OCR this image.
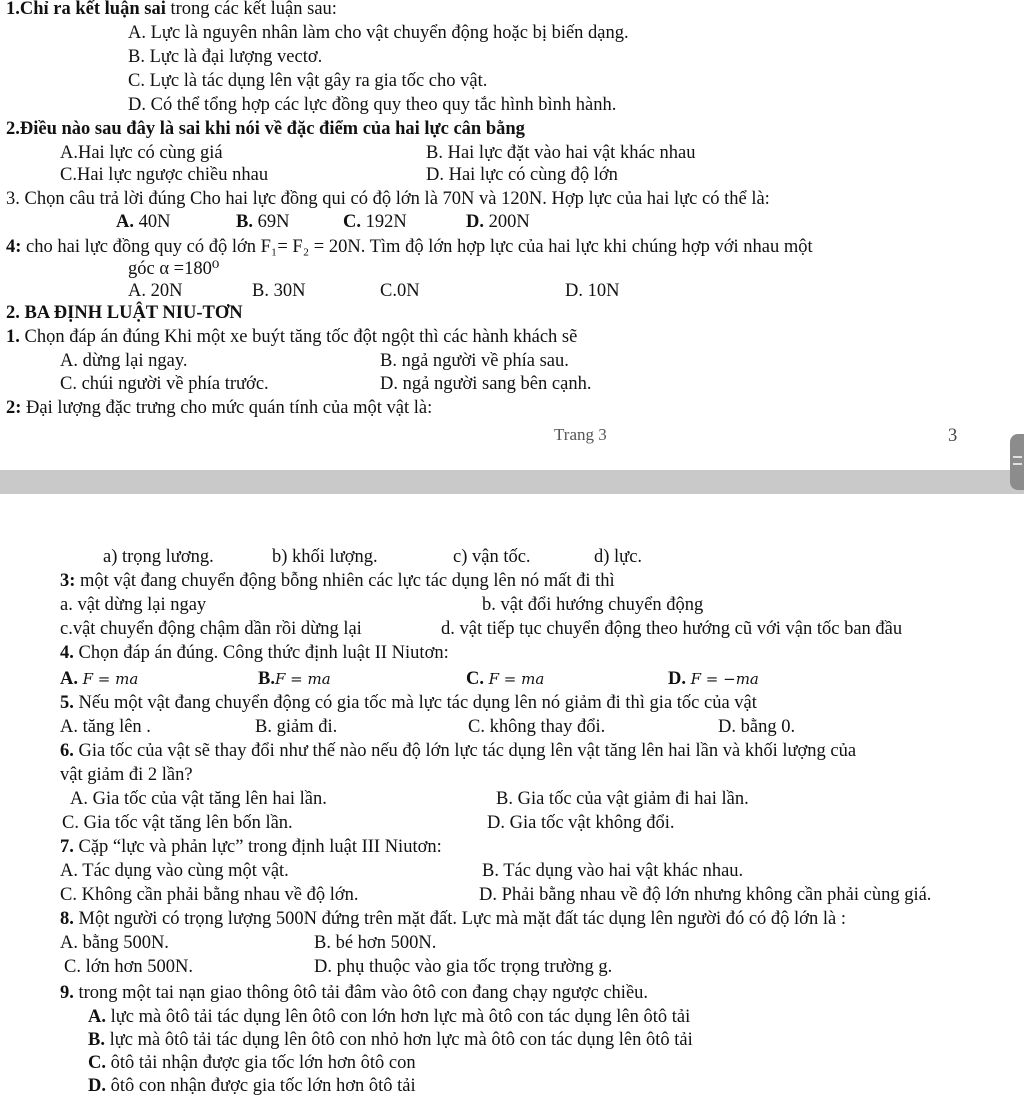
1.Chỉ ra kết luận sai trong các kết luận sau:
A. Lực là nguyên nhân làm cho vật chuyển động hoặc bị biến dạng.
B. Lực là đại lượng vectơ.
C. Lực là tác dụng lên vật gây ra gia tốc cho vật.
D. Có thể tổng hợp các lực đồng quy theo quy tắc hình bình hành.
2.Điều nào sau đây là sai khi nói về đặc điểm của hai lực cân bằng
A.Hai lực có cùng giá	B. Hai lực đặt vào hai vật khác nhau
C.Hai lực ngược chiều nhau	D. Hai lực có cùng độ lớn
3. Chọn câu trả lời đúng Cho hai lực đồng qui có độ lớn là 70N và 120N. Hợp lực của hai lực có thể là:
A. 40N	B. 69N	C. 192N	D. 200N
4: cho hai lực đồng quy có độ lớn F₁= F₂ = 20N. Tìm độ lớn hợp lực của hai lực khi chúng hợp với nhau một
góc α =180⁰
A. 20N	B. 30N	C.0N	D. 10N
2. BA ĐỊNH LUẬT NIU-TƠN
1. Chọn đáp án đúng Khi một xe buýt tăng tốc đột ngột thì các hành khách sẽ
A. dừng lại ngay.	B. ngả người về phía sau.
C. chúi người về phía trước.	D. ngả người sang bên cạnh.
2: Đại lượng đặc trưng cho mức quán tính của một vật là:
Trang 3	3
a) trọng lương.	b) khối lượng.	c) vận tốc.	d) lực.
3: một vật đang chuyển động bỗng nhiên các lực tác dụng lên nó mất đi thì
a. vật dừng lại ngay	b. vật đổi hướng chuyển động
c.vật chuyển động chậm dần rồi dừng lại	d. vật tiếp tục chuyển động theo hướng cũ với vận tốc ban đầu
4. Chọn đáp án đúng. Công thức định luật II Niutơn:
A. F = ma	B.F = ma	C. F = ma	D. F = −ma
5. Nếu một vật đang chuyển động có gia tốc mà lực tác dụng lên nó giảm đi thì gia tốc của vật
A. tăng lên .	B. giảm đi.	C. không thay đổi.	D. bằng 0.
6. Gia tốc của vật sẽ thay đổi như thế nào nếu độ lớn lực tác dụng lên vật tăng lên hai lần và khối lượng của
vật giảm đi 2 lần?
A. Gia tốc của vật tăng lên hai lần.	B. Gia tốc của vật giảm đi hai lần.
C. Gia tốc vật tăng lên bốn lần.	D. Gia tốc vật không đổi.
7. Cặp “lực và phản lực” trong định luật III Niutơn:
A. Tác dụng vào cùng một vật.	B. Tác dụng vào hai vật khác nhau.
C. Không cần phải bằng nhau về độ lớn.	D. Phải bằng nhau về độ lớn nhưng không cần phải cùng giá.
8. Một người có trọng lượng 500N đứng trên mặt đất. Lực mà mặt đất tác dụng lên người đó có độ lớn là :
A. bằng 500N.	B. bé hơn 500N.
C. lớn hơn 500N.	D. phụ thuộc vào gia tốc trọng trường g.
9. trong một tai nạn giao thông ôtô tải đâm vào ôtô con đang chạy ngược chiều.
A. lực mà ôtô tải tác dụng lên ôtô con lớn hơn lực mà ôtô con tác dụng lên ôtô tải
B. lực mà ôtô tải tác dụng lên ôtô con nhỏ hơn lực mà ôtô con tác dụng lên ôtô tải
C. ôtô tải nhận được gia tốc lớn hơn ôtô con
D. ôtô con nhận được gia tốc lớn hơn ôtô tải
